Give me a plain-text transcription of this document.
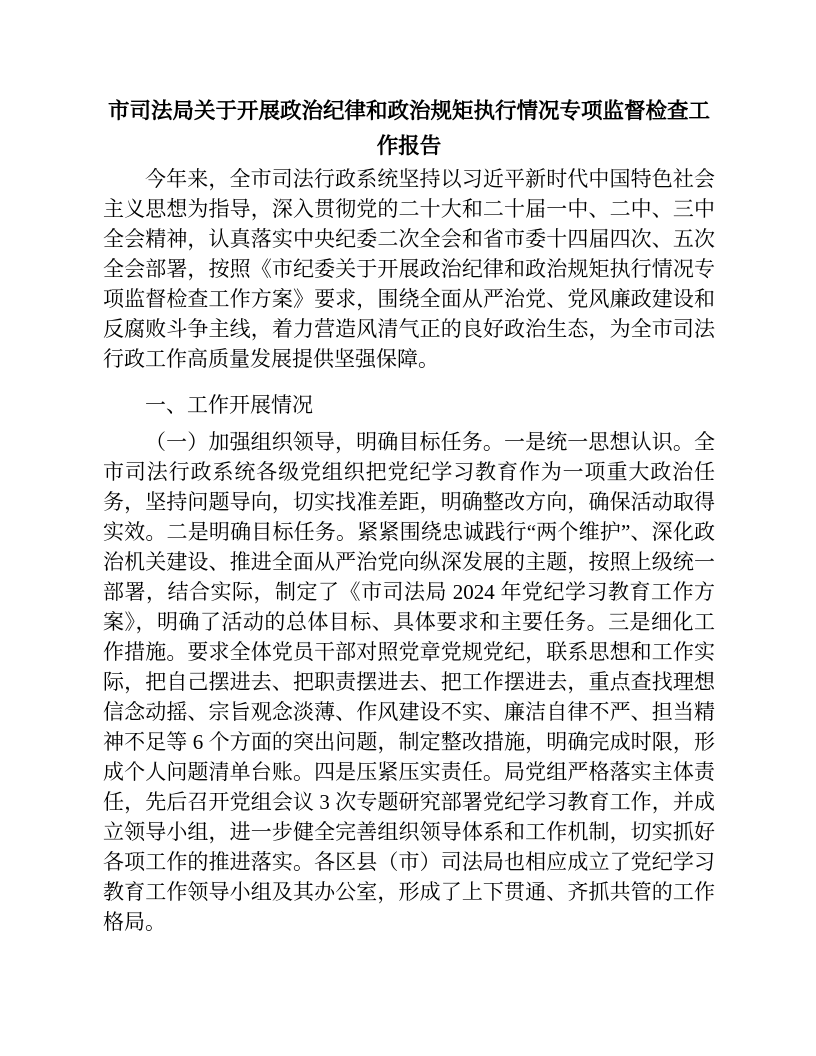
市司法局关于开展政治纪律和政治规矩执行情况专项监督检查工作报告

今年来，全市司法行政系统坚持以习近平新时代中国特色社会主义思想为指导，深入贯彻党的二十大和二十届一中、二中、三中全会精神，认真落实中央纪委二次全会和省市委十四届四次、五次全会部署，按照《市纪委关于开展政治纪律和政治规矩执行情况专项监督检查工作方案》要求，围绕全面从严治党、党风廉政建设和反腐败斗争主线，着力营造风清气正的良好政治生态，为全市司法行政工作高质量发展提供坚强保障。

一、工作开展情况

（一）加强组织领导，明确目标任务。一是统一思想认识。全市司法行政系统各级党组织把党纪学习教育作为一项重大政治任务，坚持问题导向，切实找准差距，明确整改方向，确保活动取得实效。二是明确目标任务。紧紧围绕忠诚践行“两个维护”、深化政治机关建设、推进全面从严治党向纵深发展的主题，按照上级统一部署，结合实际，制定了《市司法局 2024 年党纪学习教育工作方案》，明确了活动的总体目标、具体要求和主要任务。三是细化工作措施。要求全体党员干部对照党章党规党纪，联系思想和工作实际，把自己摆进去、把职责摆进去、把工作摆进去，重点查找理想信念动摇、宗旨观念淡薄、作风建设不实、廉洁自律不严、担当精神不足等 6 个方面的突出问题，制定整改措施，明确完成时限，形成个人问题清单台账。四是压紧压实责任。局党组严格落实主体责任，先后召开党组会议 3 次专题研究部署党纪学习教育工作，并成立领导小组，进一步健全完善组织领导体系和工作机制，切实抓好各项工作的推进落实。各区县（市）司法局也相应成立了党纪学习教育工作领导小组及其办公室，形成了上下贯通、齐抓共管的工作格局。
